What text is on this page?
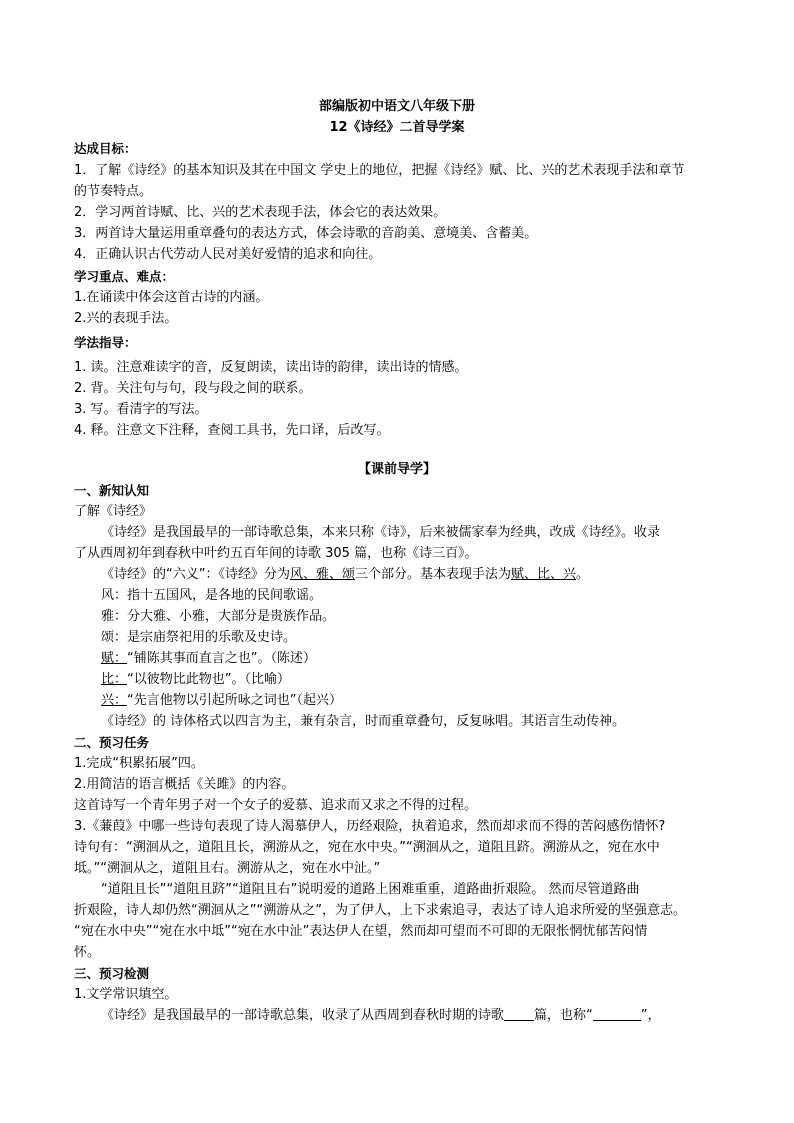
部编版初中语文八年级下册
12《诗经》二首导学案
达成目标：
1．了解《诗经》的基本知识及其在中国文 学史上的地位，把握《诗经》赋、比、兴的艺术表现手法和章节
的节奏特点。
2．学习两首诗赋、比、兴的艺术表现手法，体会它的表达效果。
3．两首诗大量运用重章叠句的表达方式，体会诗歌的音韵美、意境美、含蓄美。
4．正确认识古代劳动人民对美好爱情的追求和向往。
学习重点、难点：
1.在诵读中体会这首古诗的内涵。
2.兴的表现手法。
学法指导：
1. 读。注意难读字的音，反复朗读，读出诗的韵律，读出诗的情感。
2. 背。关注句与句，段与段之间的联系。
3. 写。看清字的写法。
4. 释。注意文下注释，查阅工具书，先口译，后改写。
【课前导学】
一、新知认知
了解《诗经》
《诗经》是我国最早的一部诗歌总集，本来只称《诗》，后来被儒家奉为经典，改成《诗经》。收录
了从西周初年到春秋中叶约五百年间的诗歌 305 篇，也称《诗三百》。
《诗经》的“六义”：《诗经》分为风、雅、颂三个部分。基本表现手法为赋、比、兴。
风：指十五国风，是各地的民间歌谣。
雅：分大雅、小雅，大部分是贵族作品。
颂：是宗庙祭祀用的乐歌及史诗。
赋：“铺陈其事而直言之也”。（陈述）
比：“以彼物比此物也”。（比喻）
兴：“先言他物以引起所咏之词也”（起兴）
《诗经》的 诗体格式以四言为主，兼有杂言，时而重章叠句，反复咏唱。其语言生动传神。
二、预习任务
1.完成“积累拓展”四。
2.用简洁的语言概括《关雎》的内容。
这首诗写一个青年男子对一个女子的爱慕、追求而又求之不得的过程。
3.《蒹葭》中哪一些诗句表现了诗人渴慕伊人，历经艰险，执着追求，然而却求而不得的苦闷感伤情怀?
诗句有：“溯洄从之，道阻且长，溯游从之，宛在水中央。”“溯洄从之，道阻且跻。溯游从之，宛在水中
坻。”“溯洄从之，道阻且右。溯游从之，宛在水中沚。”
“道阻且长”“道阻且跻”“道阻且右”说明爱的道路上困难重重，道路曲折艰险。 然而尽管道路曲
折艰险，诗人却仍然“溯洄从之”“溯游从之”，为了伊人，上下求索追寻，表达了诗人追求所爱的坚强意志。
“宛在水中央”“宛在水中坻”“宛在水中沚”表达伊人在望，然而却可望而不可即的无限怅惘忧郁苦闷情
怀。
三、预习检测
1.文学常识填空。
《诗经》是我国最早的一部诗歌总集，收录了从西周到春秋时期的诗歌 篇，也称“	”，
